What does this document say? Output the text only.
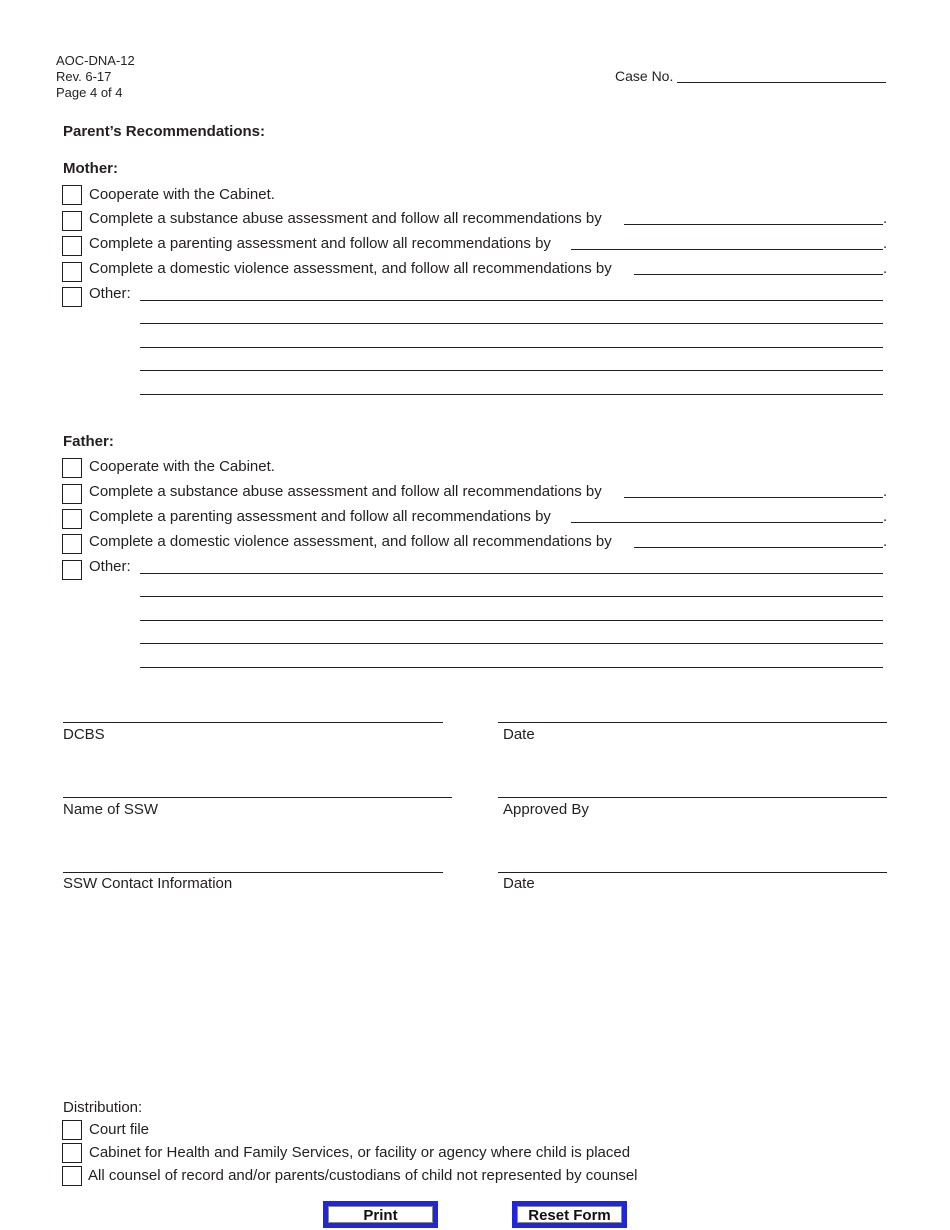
AOC-DNA-12
Rev. 6-17
Page 4 of 4
Case No.
Parent’s Recommendations:
Mother:
Cooperate with the Cabinet.
Complete a substance abuse assessment and follow all recommendations by	.
Complete a parenting assessment and follow all recommendations by	.
Complete a domestic violence assessment, and follow all recommendations by	.
Other:
Father:
Cooperate with the Cabinet.
Complete a substance abuse assessment and follow all recommendations by	.
Complete a parenting assessment and follow all recommendations by	.
Complete a domestic violence assessment, and follow all recommendations by	.
Other:
DCBS	Date
Name of SSW	Approved By
SSW Contact Information	Date
Distribution:
Court file
Cabinet for Health and Family Services, or facility or agency where child is placed
All counsel of record and/or parents/custodians of child not represented by counsel
Print	Reset Form
